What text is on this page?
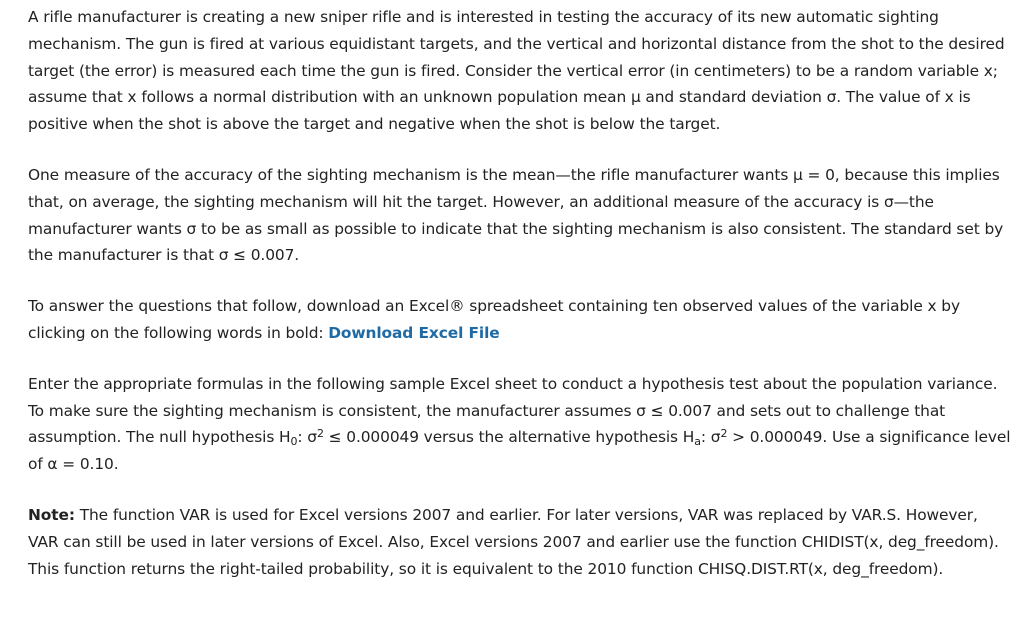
A rifle manufacturer is creating a new sniper rifle and is interested in testing the accuracy of its new automatic sighting mechanism. The gun is fired at various equidistant targets, and the vertical and horizontal distance from the shot to the desired target (the error) is measured each time the gun is fired. Consider the vertical error (in centimeters) to be a random variable x; assume that x follows a normal distribution with an unknown population mean μ and standard deviation σ. The value of x is positive when the shot is above the target and negative when the shot is below the target.

One measure of the accuracy of the sighting mechanism is the mean—the rifle manufacturer wants μ = 0, because this implies that, on average, the sighting mechanism will hit the target. However, an additional measure of the accuracy is σ—the manufacturer wants σ to be as small as possible to indicate that the sighting mechanism is also consistent. The standard set by the manufacturer is that σ ≤ 0.007.

To answer the questions that follow, download an Excel® spreadsheet containing ten observed values of the variable x by clicking on the following words in bold: Download Excel File

Enter the appropriate formulas in the following sample Excel sheet to conduct a hypothesis test about the population variance. To make sure the sighting mechanism is consistent, the manufacturer assumes σ ≤ 0.007 and sets out to challenge that assumption. The null hypothesis $H_0$: $\sigma^2 \le 0.000049$ versus the alternative hypothesis $H_a$: $\sigma^2 > 0.000049$. Use a significance level of α = 0.10.

Note: The function VAR is used for Excel versions 2007 and earlier. For later versions, VAR was replaced by VAR.S. However, VAR can still be used in later versions of Excel. Also, Excel versions 2007 and earlier use the function CHIDIST(x, deg_freedom). This function returns the right-tailed probability, so it is equivalent to the 2010 function CHISQ.DIST.RT(x, deg_freedom).
